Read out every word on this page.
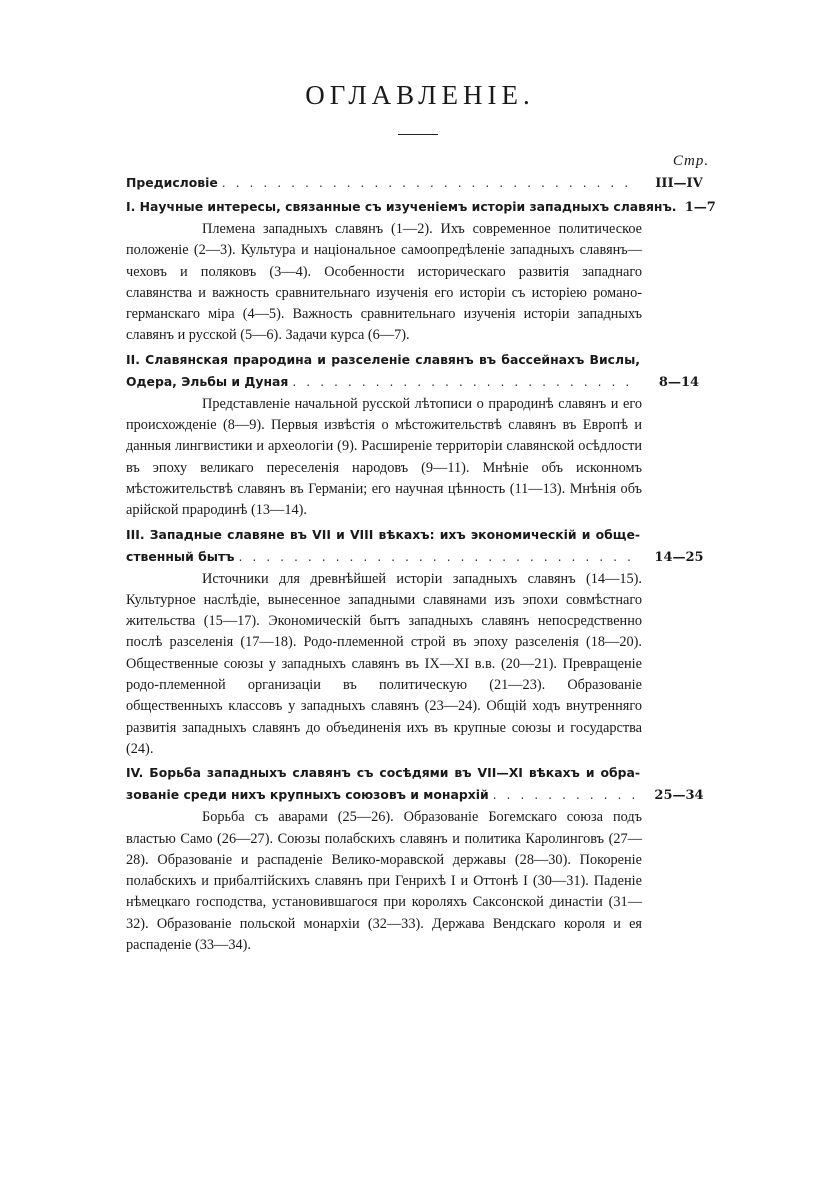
ОГЛАВЛЕНІЕ.
Стр.
Предисловіе . . .	III—IV
I. Научные интересы, связанные съ изученіемъ исторіи западныхъ славянъ. 1—7
Племена западныхъ славянъ (1—2). Ихъ современное политическое положеніе (2—3). Культура и національное самоопредѣленіе западныхъ славянъ—чеховъ и поляковъ (3—4). Особенности историческаго развитія западнаго славянства и важность сравнительнаго изученія его исторіи съ исторіею романо-германскаго міра (4—5). Важность сравнительнаго изученія исторіи западныхъ славянъ и русской (5—6). Задачи курса (6—7).
II. Славянская прародина и разселеніе славянъ въ бассейнахъ Вислы,
Одера, Эльбы и Дуная . . .	8—14
Представленіе начальной русской лѣтописи о прародинѣ славянъ и его происхожденіе (8—9). Первыя извѣстія о мѣстожительствѣ славянъ въ Европѣ и данныя лингвистики и археологіи (9). Расширеніе территоріи славянской осѣдлости въ эпоху великаго переселенія народовъ (9—11). Мнѣніе объ исконномъ мѣстожительствѣ славянъ въ Германіи; его научная цѣнность (11—13). Мнѣнія объ арійской прародинѣ (13—14).
III. Западные славяне въ VII и VIII вѣкахъ: ихъ экономическій и обще-
ственный бытъ . . .	14—25
Источники для древнѣйшей исторіи западныхъ славянъ (14—15). Культурное наслѣдіе, вынесенное западными славянами изъ эпохи совмѣстнаго жительства (15—17). Экономическій бытъ западныхъ славянъ непосредственно послѣ разселенія (17—18). Родо-племенной строй въ эпоху разселенія (18—20). Общественные союзы у западныхъ славянъ въ IX—XI в.в. (20—21). Превращеніе родо-племенной организаціи въ политическую (21—23). Образованіе общественныхъ классовъ у западныхъ славянъ (23—24). Общій ходъ внутренняго развитія западныхъ славянъ до объединенія ихъ въ крупные союзы и государства (24).
IV. Борьба западныхъ славянъ съ сосѣдями въ VII—XI вѣкахъ и обра-
зованіе среди нихъ крупныхъ союзовъ и монархій . . .	25—34
Борьба съ аварами (25—26). Образованіе Богемскаго союза подъ властью Само (26—27). Союзы полабскихъ славянъ и политика Каролинговъ (27—28). Образованіе и распаденіе Велико-моравской державы (28—30). Покореніе полабскихъ и прибалтійскихъ славянъ при Генрихѣ I и Оттонѣ I (30—31). Паденіе нѣмецкаго господства, установившагося при короляхъ Саксонской династіи (31—32). Образованіе польской монархіи (32—33). Держава Вендскаго короля и ея распаденіе (33—34).
